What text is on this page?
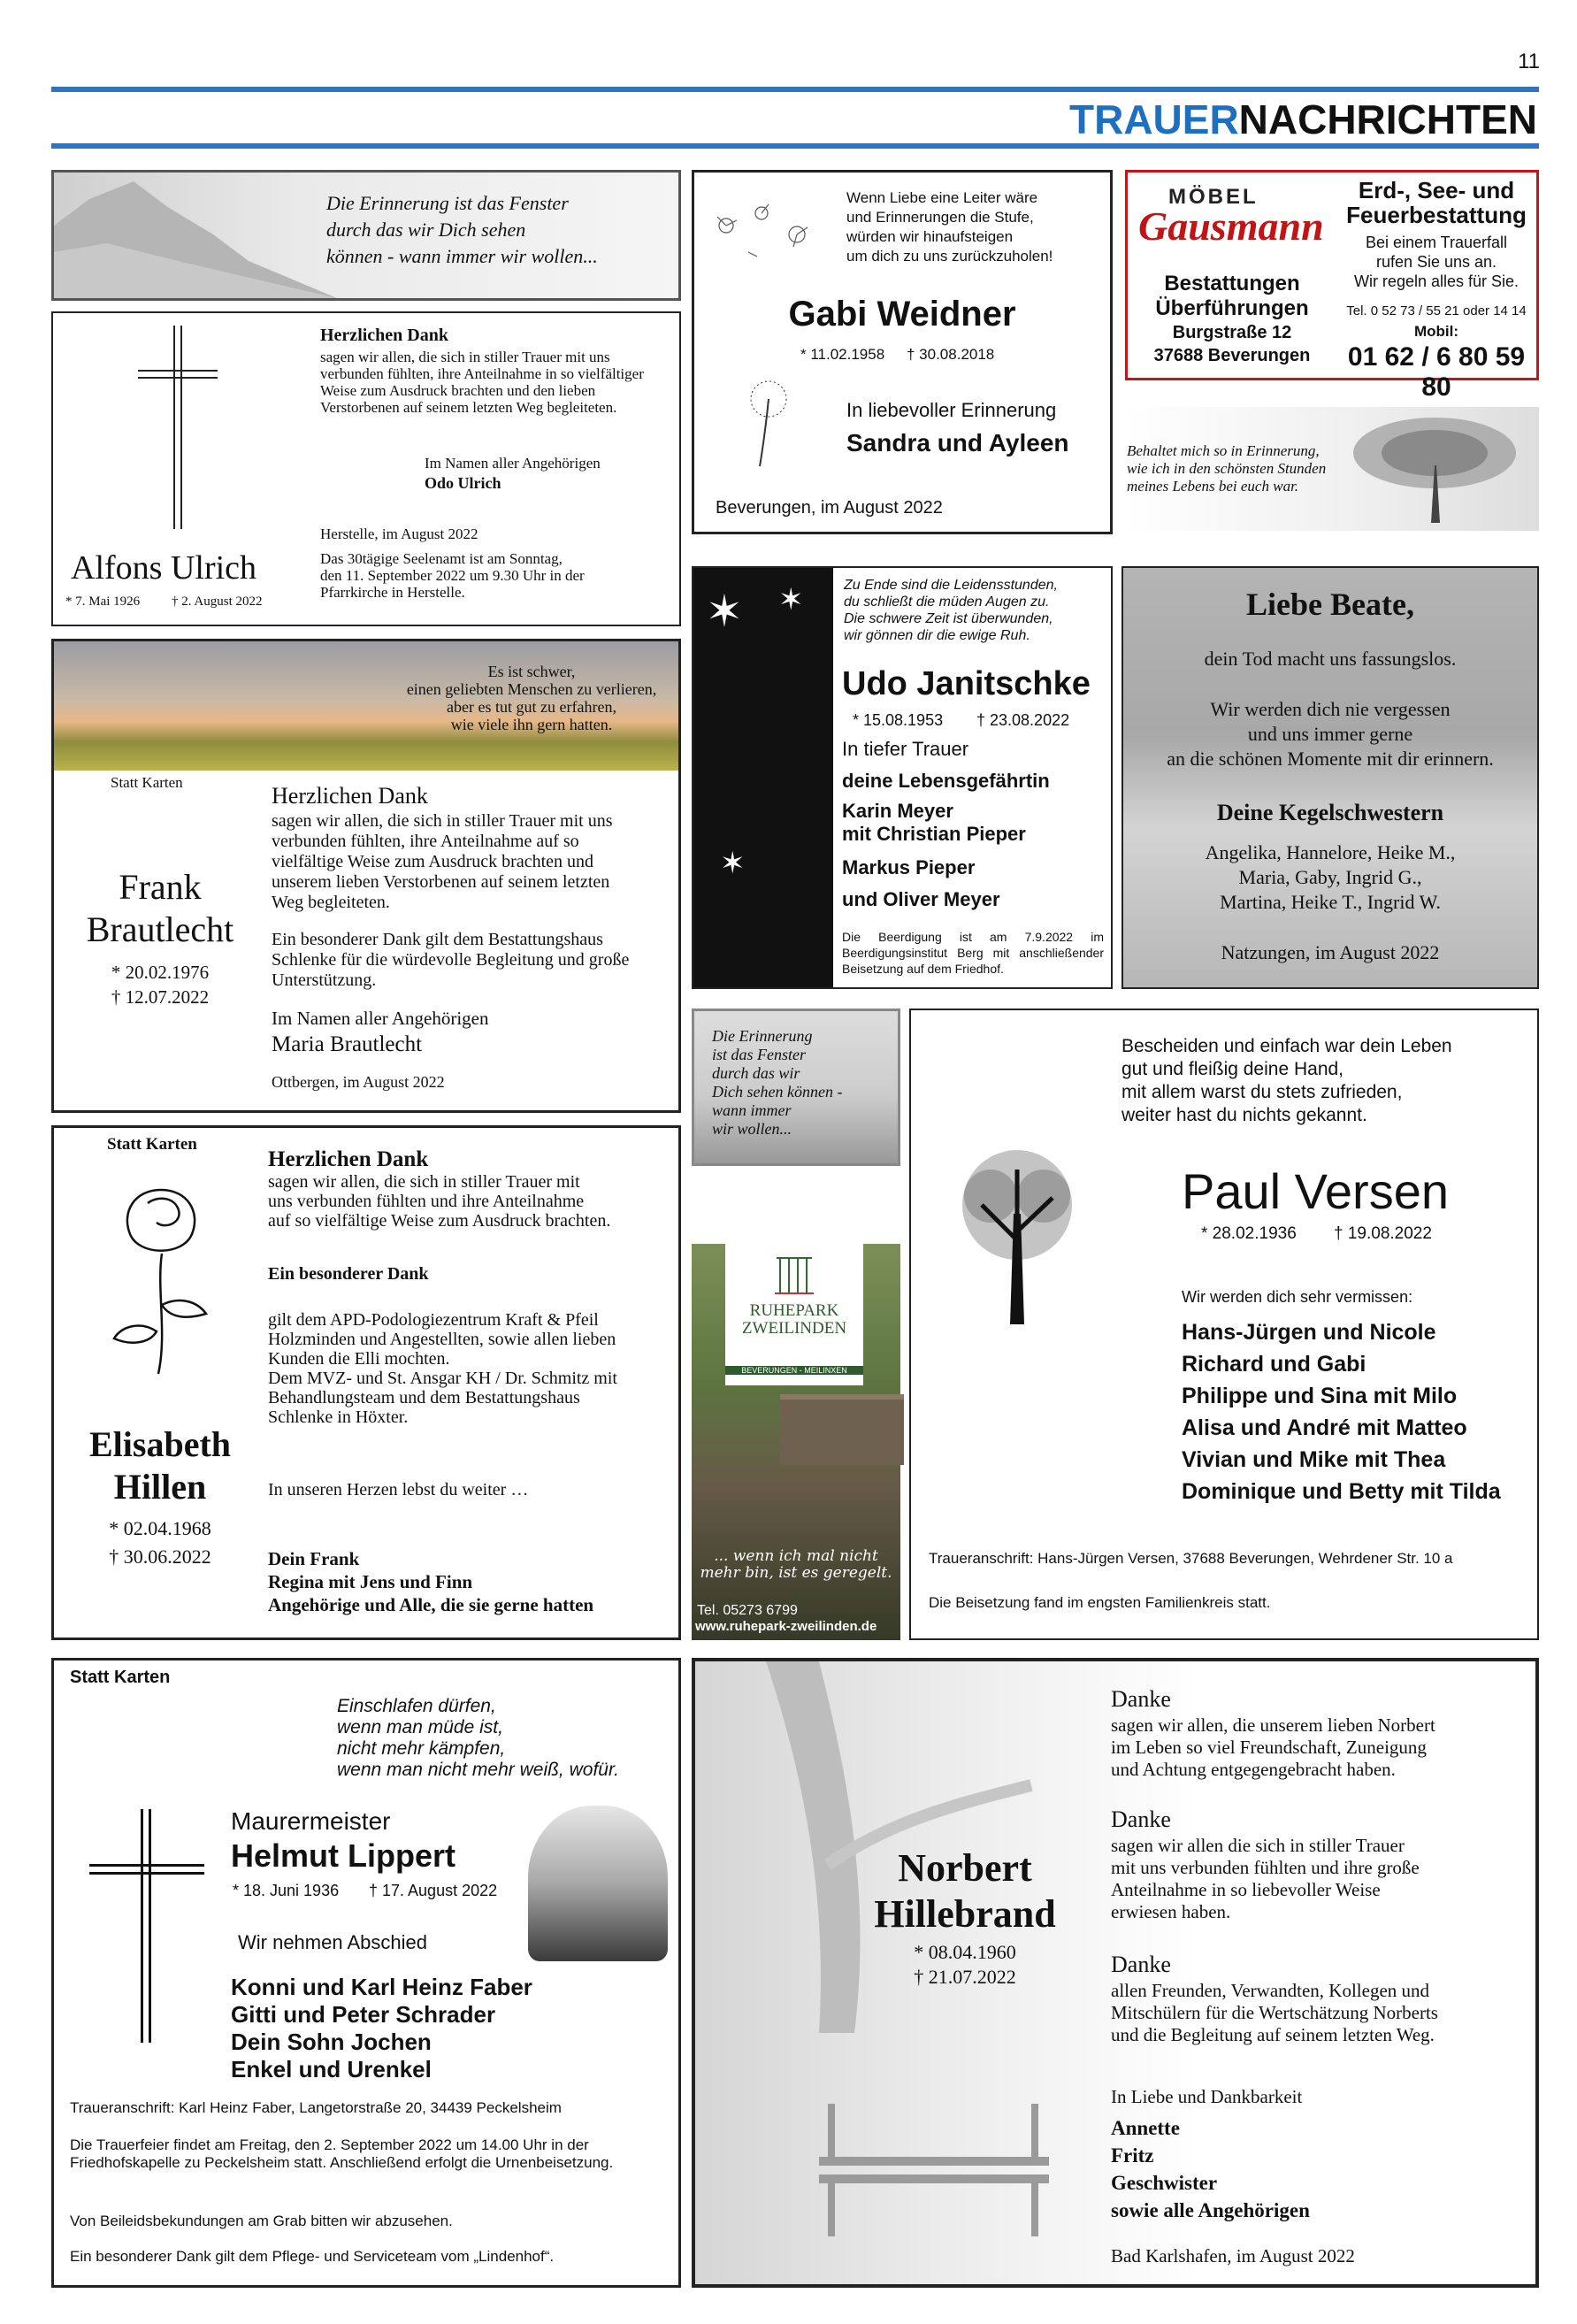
11
TRAUERNACHRICHTEN
Die Erinnerung ist das Fenster
durch das wir Dich sehen
können - wann immer wir wollen...
Herzlichen Dank
sagen wir allen, die sich in stiller Trauer mit uns verbunden fühlten, ihre Anteilnahme in so vielfältiger Weise zum Ausdruck brachten und den lieben Verstorbenen auf seinem letzten Weg begleiteten.
Im Namen aller Angehörigen
Odo Ulrich
Herstelle, im August 2022
Das 30tägige Seelenamt ist am Sonntag,
den 11. September 2022 um 9.30 Uhr in der
Pfarrkirche in Herstelle.
Alfons Ulrich
* 7. Mai 1926 † 2. August 2022
Wenn Liebe eine Leiter wäre
und Erinnerungen die Stufe,
würden wir hinaufsteigen
um dich zu uns zurückzuholen!
Gabi Weidner
* 11.02.1958 † 30.08.2018
In liebevoller Erinnerung
Sandra und Ayleen
Beverungen, im August 2022
MÖBEL
Gausmann
Bestattungen
Überführungen
Burgstraße 12
37688 Beverungen
Erd-, See- und
Feuerbestattung
Bei einem Trauerfall
rufen Sie uns an.
Wir regeln alles für Sie.
Tel. 0 52 73 / 55 21 oder 14 14
Mobil:
01 62 / 6 80 59 80
Behaltet mich so in Erinnerung,
wie ich in den schönsten Stunden
meines Lebens bei euch war.
Es ist schwer,
einen geliebten Menschen zu verlieren,
aber es tut gut zu erfahren,
wie viele ihn gern hatten.
Statt Karten
Frank
Brautlecht
* 20.02.1976
† 12.07.2022
Herzlichen Dank
sagen wir allen, die sich in stiller Trauer mit uns verbunden fühlten, ihre Anteilnahme auf so vielfältige Weise zum Ausdruck brachten und unserem lieben Verstorbenen auf seinem letzten Weg begleiteten.
Ein besonderer Dank gilt dem Bestattungshaus Schlenke für die würdevolle Begleitung und große Unterstützung.
Im Namen aller Angehörigen
Maria Brautlecht
Ottbergen, im August 2022
✶ ✶
✶
Zu Ende sind die Leidensstunden,
du schließt die müden Augen zu.
Die schwere Zeit ist überwunden,
wir gönnen dir die ewige Ruh.
Udo Janitschke
* 15.08.1953 † 23.08.2022
In tiefer Trauer
deine Lebensgefährtin
Karin Meyer
mit Christian Pieper
Markus Pieper
und Oliver Meyer
Die Beerdigung ist am 7.9.2022 im Beerdigungsinstitut Berg mit anschließender Beisetzung auf dem Friedhof.
Liebe Beate,
dein Tod macht uns fassungslos.
Wir werden dich nie vergessen
und uns immer gerne
an die schönen Momente mit dir erinnern.
Deine Kegelschwestern
Angelika, Hannelore, Heike M.,
Maria, Gaby, Ingrid G.,
Martina, Heike T., Ingrid W.
Natzungen, im August 2022
Die Erinnerung
ist das Fenster
durch das wir
Dich sehen können -
wann immer
wir wollen...
RUHEPARK
ZWEILINDEN
BEVERUNGEN - MEILINXEN
... wenn ich mal nicht
mehr bin, ist es geregelt.
Tel. 05273 6799
www.ruhepark-zweilinden.de
Bescheiden und einfach war dein Leben
gut und fleißig deine Hand,
mit allem warst du stets zufrieden,
weiter hast du nichts gekannt.
Paul Versen
* 28.02.1936 † 19.08.2022
Wir werden dich sehr vermissen:
Hans-Jürgen und Nicole
Richard und Gabi
Philippe und Sina mit Milo
Alisa und André mit Matteo
Vivian und Mike mit Thea
Dominique und Betty mit Tilda
Traueranschrift: Hans-Jürgen Versen, 37688 Beverungen, Wehrdener Str. 10 a
Die Beisetzung fand im engsten Familienkreis statt.
Statt Karten
Elisabeth
Hillen
* 02.04.1968
† 30.06.2022
Herzlichen Dank
sagen wir allen, die sich in stiller Trauer mit
uns verbunden fühlten und ihre Anteilnahme
auf so vielfältige Weise zum Ausdruck brachten.
Ein besonderer Dank
gilt dem APD-Podologiezentrum Kraft & Pfeil
Holzminden und Angestellten, sowie allen lieben
Kunden die Elli mochten.
Dem MVZ- und St. Ansgar KH / Dr. Schmitz mit
Behandlungsteam und dem Bestattungshaus
Schlenke in Höxter.
In unseren Herzen lebst du weiter …
Dein Frank
Regina mit Jens und Finn
Angehörige und Alle, die sie gerne hatten
Statt Karten
Einschlafen dürfen,
wenn man müde ist,
nicht mehr kämpfen,
wenn man nicht mehr weiß, wofür.
Maurermeister
Helmut Lippert
* 18. Juni 1936 † 17. August 2022
Wir nehmen Abschied
Konni und Karl Heinz Faber
Gitti und Peter Schrader
Dein Sohn Jochen
Enkel und Urenkel
Traueranschrift: Karl Heinz Faber, Langetorstraße 20, 34439 Peckelsheim
Die Trauerfeier findet am Freitag, den 2. September 2022 um 14.00 Uhr in der Friedhofskapelle zu Peckelsheim statt. Anschließend erfolgt die Urnenbeisetzung.
Von Beileidsbekundungen am Grab bitten wir abzusehen.
Ein besonderer Dank gilt dem Pflege- und Serviceteam vom „Lindenhof“.
Norbert
Hillebrand
* 08.04.1960
† 21.07.2022
Danke
sagen wir allen, die unserem lieben Norbert
im Leben so viel Freundschaft, Zuneigung
und Achtung entgegengebracht haben.
Danke
sagen wir allen die sich in stiller Trauer
mit uns verbunden fühlten und ihre große
Anteilnahme in so liebevoller Weise
erwiesen haben.
Danke
allen Freunden, Verwandten, Kollegen und
Mitschülern für die Wertschätzung Norberts
und die Begleitung auf seinem letzten Weg.
In Liebe und Dankbarkeit
Annette
Fritz
Geschwister
sowie alle Angehörigen
Bad Karlshafen, im August 2022
